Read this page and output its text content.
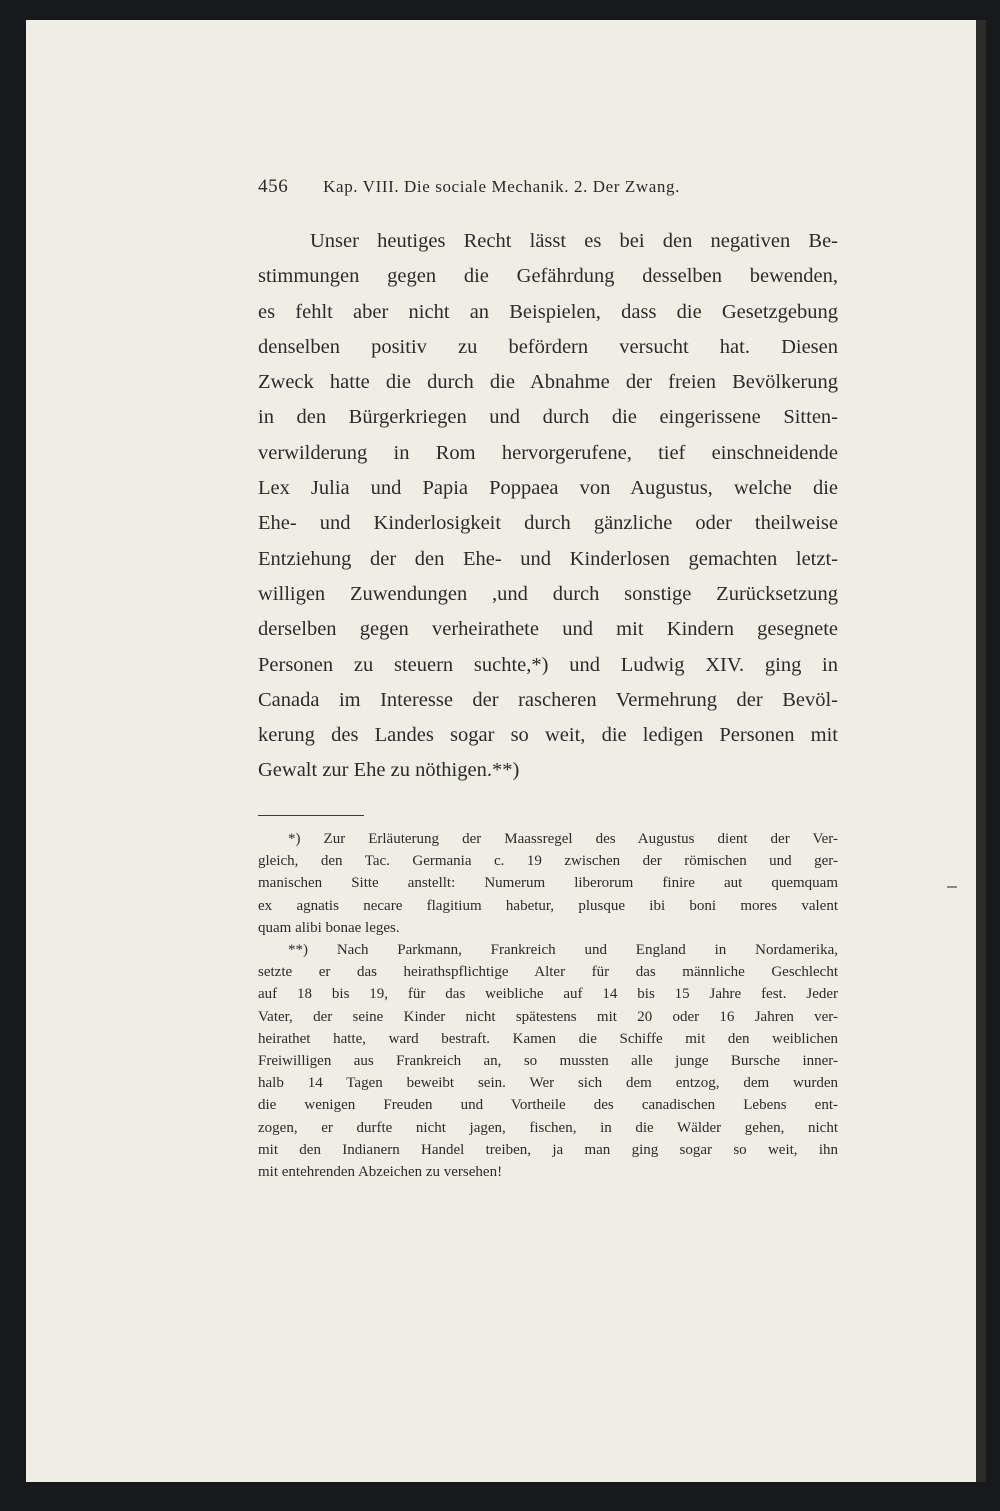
456 Kap. VIII. Die sociale Mechanik. 2. Der Zwang.
Unser heutiges Recht lässt es bei den negativen Be-
stimmungen gegen die Gefährdung desselben bewenden,
es fehlt aber nicht an Beispielen, dass die Gesetzgebung
denselben positiv zu befördern versucht hat. Diesen
Zweck hatte die durch die Abnahme der freien Bevölkerung
in den Bürgerkriegen und durch die eingerissene Sitten-
verwilderung in Rom hervorgerufene, tief einschneidende
Lex Julia und Papia Poppaea von Augustus, welche die
Ehe- und Kinderlosigkeit durch gänzliche oder theilweise
Entziehung der den Ehe- und Kinderlosen gemachten letzt-
willigen Zuwendungen ,und durch sonstige Zurücksetzung
derselben gegen verheirathete und mit Kindern gesegnete
Personen zu steuern suchte,*) und Ludwig XIV. ging in
Canada im Interesse der rascheren Vermehrung der Bevöl-
kerung des Landes sogar so weit, die ledigen Personen mit
Gewalt zur Ehe zu nöthigen.**)
*) Zur Erläuterung der Maassregel des Augustus dient der Ver-
gleich, den Tac. Germania c. 19 zwischen der römischen und ger-
manischen Sitte anstellt: Numerum liberorum finire aut quemquam
ex agnatis necare flagitium habetur, plusque ibi boni mores valent
quam alibi bonae leges.
**) Nach Parkmann, Frankreich und England in Nordamerika,
setzte er das heirathspflichtige Alter für das männliche Geschlecht
auf 18 bis 19, für das weibliche auf 14 bis 15 Jahre fest. Jeder
Vater, der seine Kinder nicht spätestens mit 20 oder 16 Jahren ver-
heirathet hatte, ward bestraft. Kamen die Schiffe mit den weiblichen
Freiwilligen aus Frankreich an, so mussten alle junge Bursche inner-
halb 14 Tagen beweibt sein. Wer sich dem entzog, dem wurden
die wenigen Freuden und Vortheile des canadischen Lebens ent-
zogen, er durfte nicht jagen, fischen, in die Wälder gehen, nicht
mit den Indianern Handel treiben, ja man ging sogar so weit, ihn
mit entehrenden Abzeichen zu versehen!
